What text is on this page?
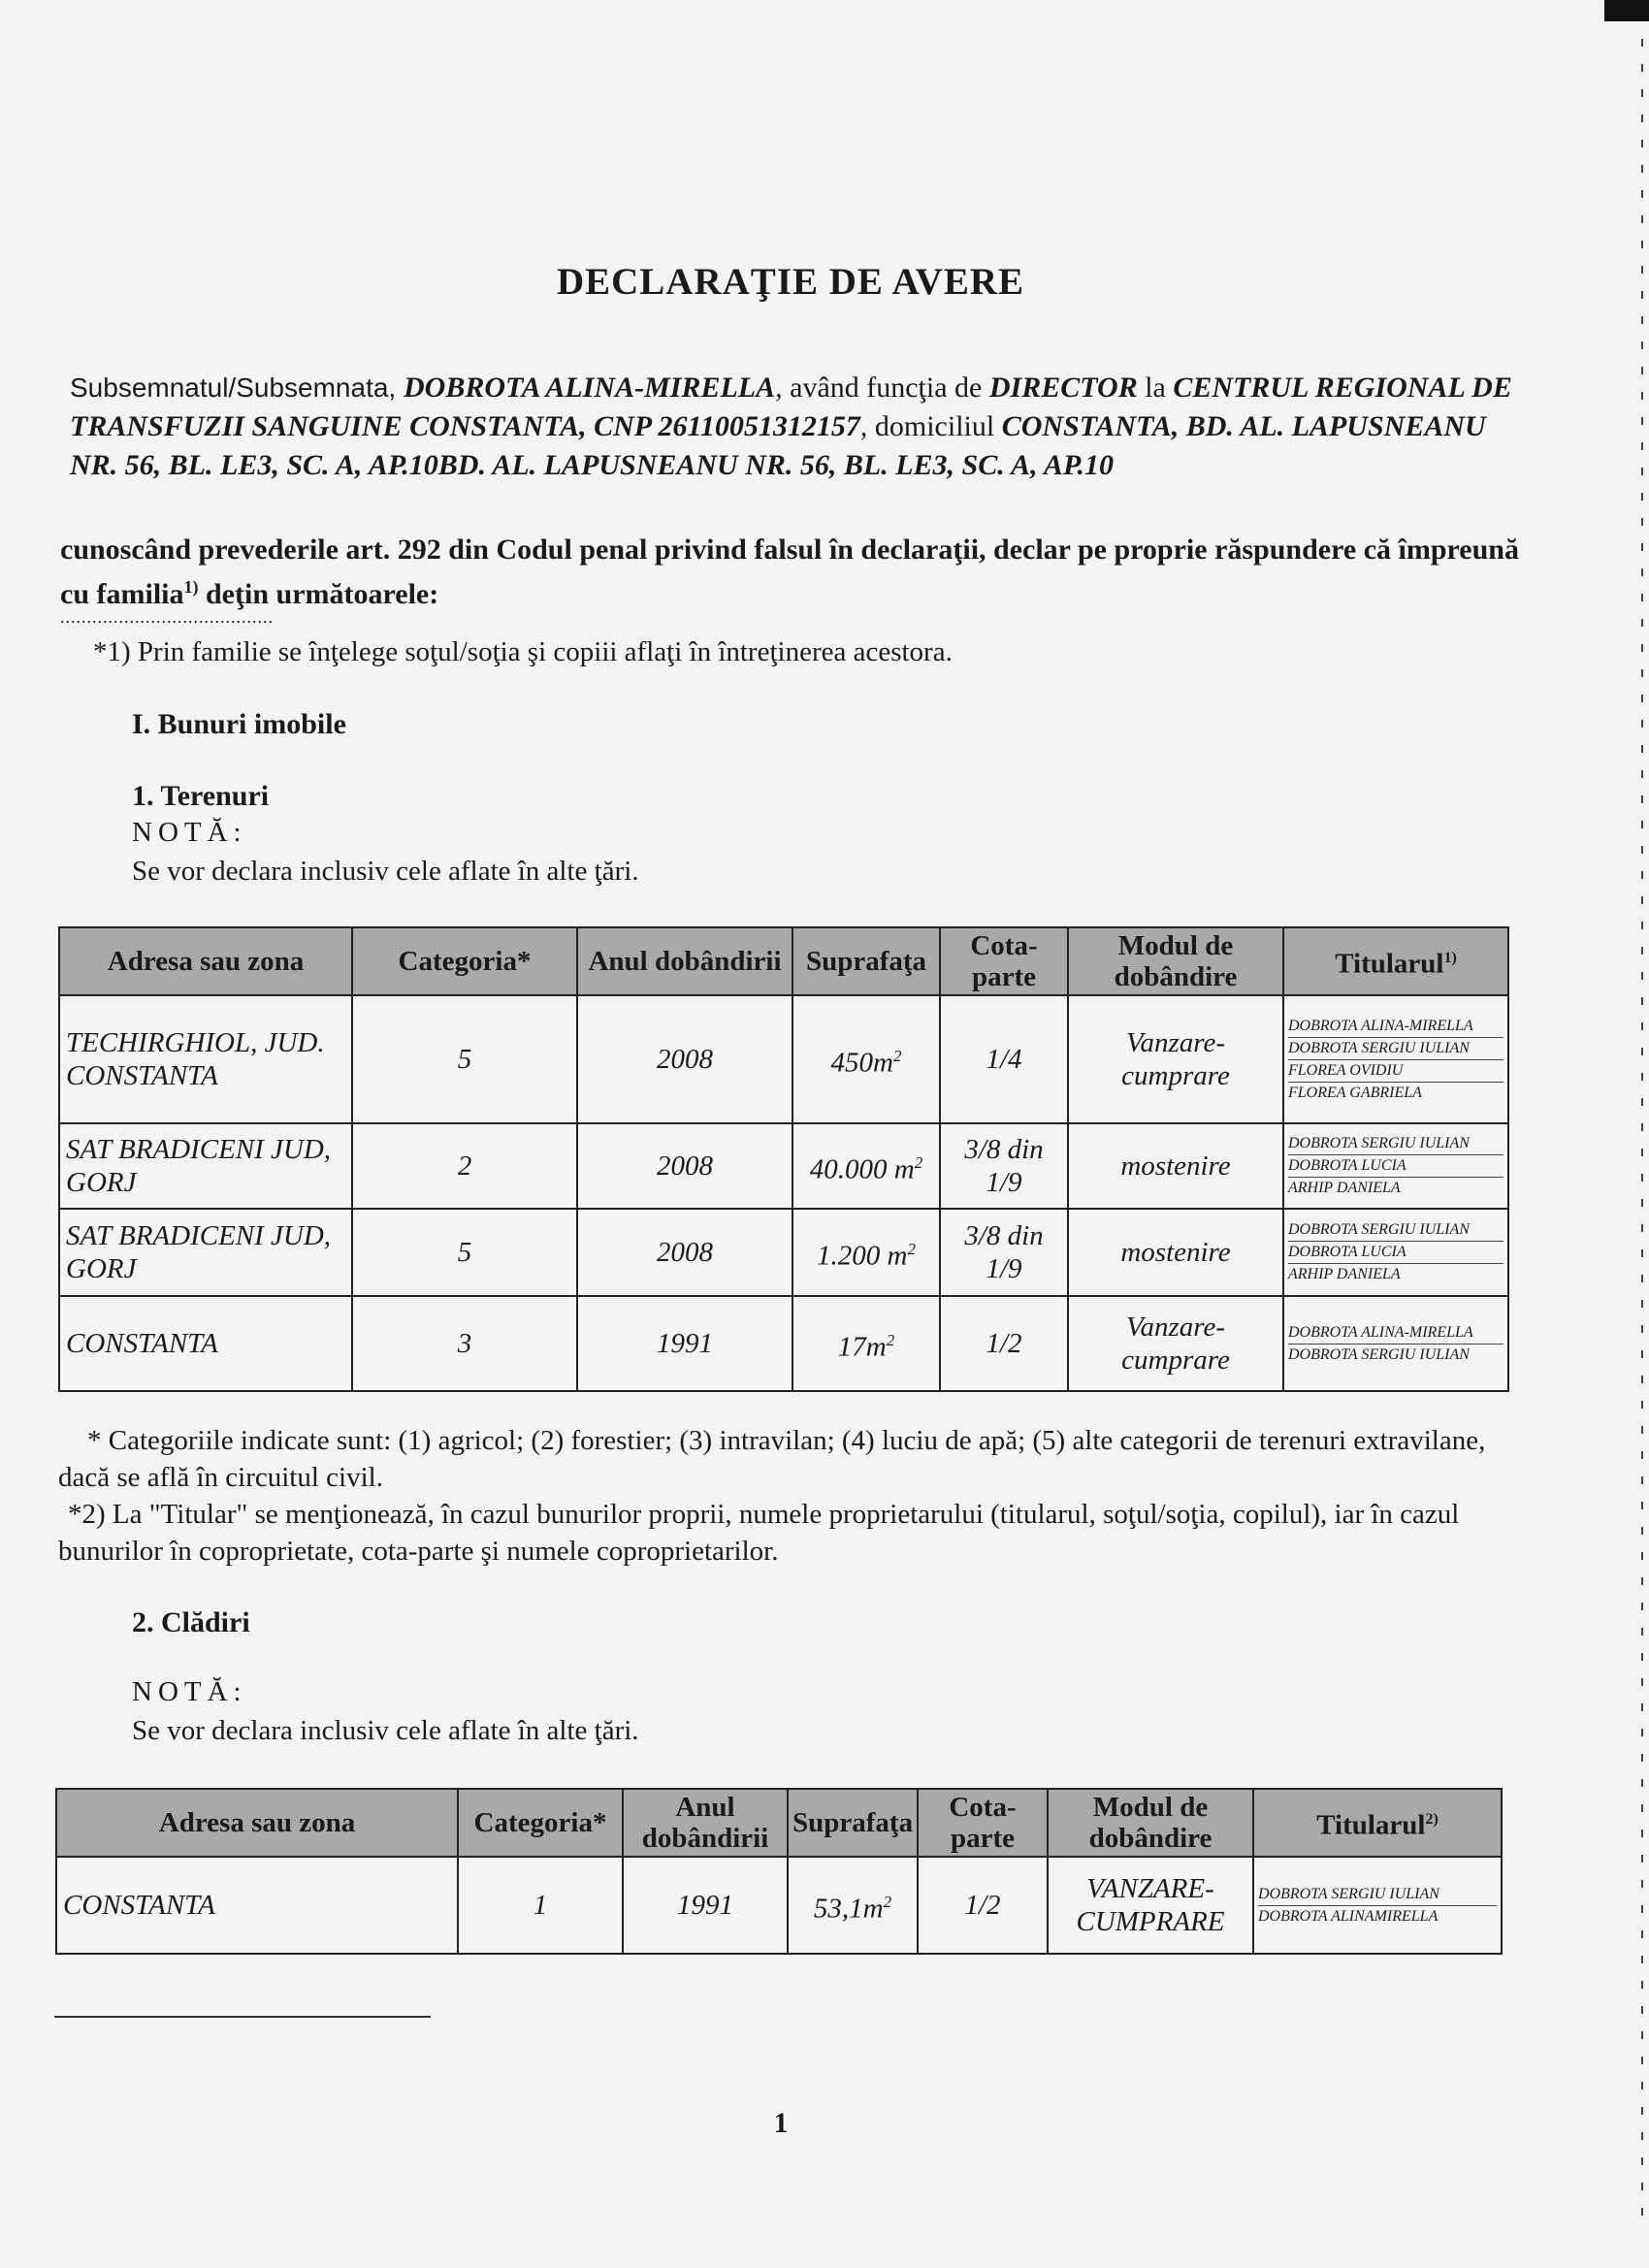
DECLARAŢIE DE AVERE
Subsemnatul/Subsemnata, DOBROTA ALINA-MIRELLA, având funcţia de DIRECTOR la CENTRUL REGIONAL DE TRANSFUZII SANGUINE CONSTANTA, CNP 26110051312157, domiciliul CONSTANTA, BD. AL. LAPUSNEANU NR. 56, BL. LE3, SC. A, AP.10BD. AL. LAPUSNEANU NR. 56, BL. LE3, SC. A, AP.10
cunoscând prevederile art. 292 din Codul penal privind falsul în declaraţii, declar pe proprie răspundere că împreună cu familia$^{1)}$ deţin următoarele:
........................................
*1) Prin familie se înţelege soţul/soţia şi copiii aflaţi în întreţinerea acestora.
I. Bunuri imobile
1. Terenuri
NOTĂ:
Se vor declara inclusiv cele aflate în alte ţări.
Adresa sau zona	Categoria*	Anul dobândirii	Suprafaţa	Cota-parte	Modul de dobândire	Titularul$^{1)}$
TECHIRGHIOL, JUD. CONSTANTA	5	2008	$450m^2$	1/4	Vanzare-cumprare	DOBROTA ALINA-MIRELLA
DOBROTA SERGIU IULIAN
FLOREA OVIDIU
FLOREA GABRIELA

SAT BRADICENI JUD, GORJ	2	2008	40.000 $m^2$	3/8 din 1/9	mostenire	DOBROTA SERGIU IULIAN
DOBROTA LUCIA
ARHIP DANIELA

SAT BRADICENI JUD, GORJ	5	2008	1.200 $m^2$	3/8 din 1/9	mostenire	DOBROTA SERGIU IULIAN
DOBROTA LUCIA
ARHIP DANIELA

CONSTANTA	3	1991	$17m^2$	1/2	Vanzare-cumprare	DOBROTA ALINA-MIRELLA
DOBROTA SERGIU IULIAN
* Categoriile indicate sunt: (1) agricol; (2) forestier; (3) intravilan; (4) luciu de apă; (5) alte categorii de terenuri extravilane, dacă se află în circuitul civil.
*2) La "Titular" se menţionează, în cazul bunurilor proprii, numele proprietarului (titularul, soţul/soţia, copilul), iar în cazul bunurilor în coproprietate, cota-parte şi numele coproprietarilor.
2. Clădiri
NOTĂ:
Se vor declara inclusiv cele aflate în alte ţări.
Adresa sau zona	Categoria*	Anul dobândirii	Suprafaţa	Cota-parte	Modul de dobândire	Titularul$^{2)}$
CONSTANTA	1	1991	$53,1m^2$	1/2	VANZARE-CUMPRARE	DOBROTA SERGIU IULIAN
DOBROTA ALINAMIRELLA
1
